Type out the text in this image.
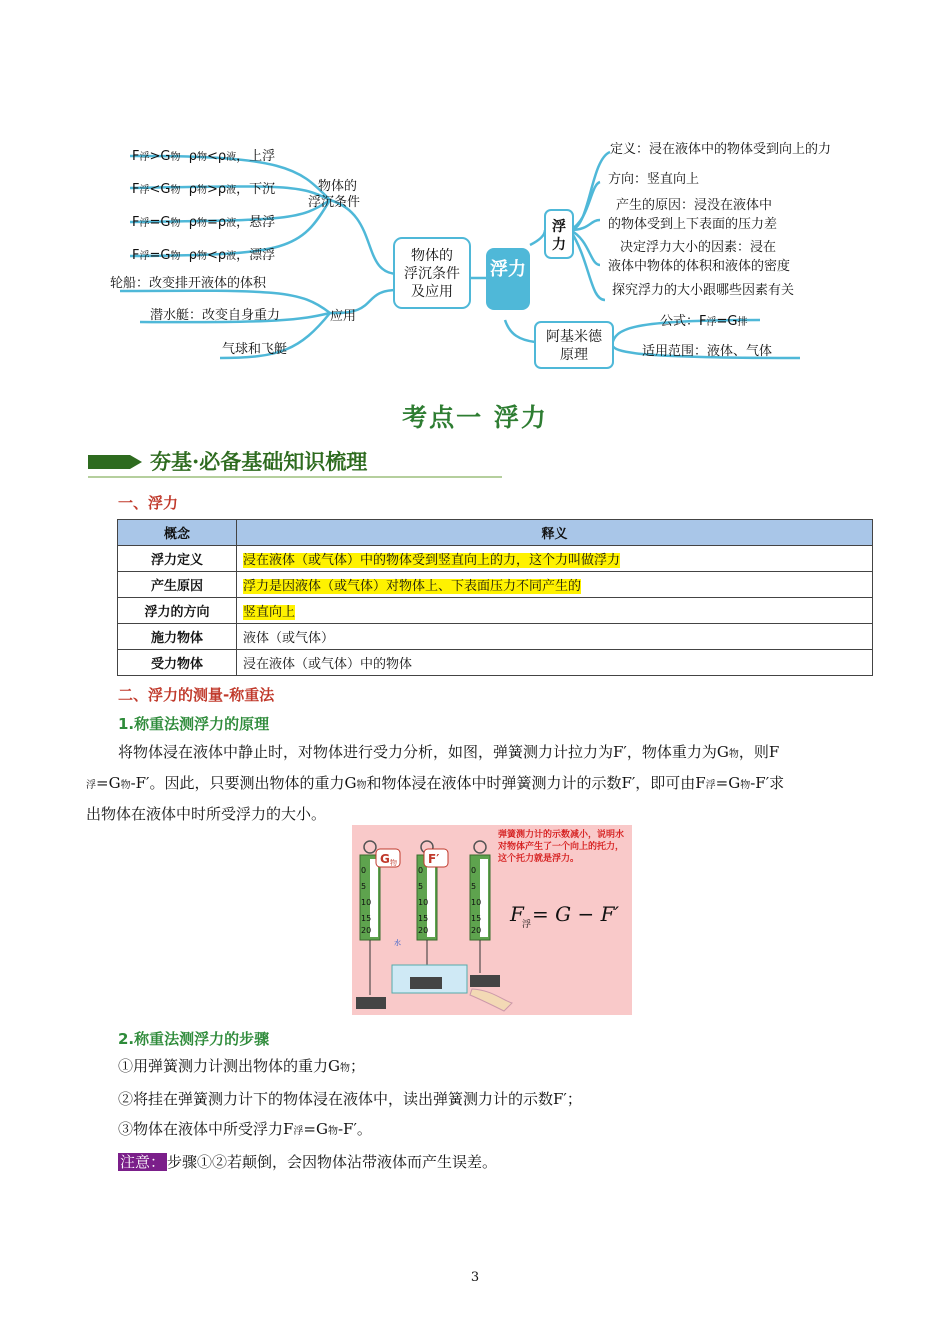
物体的
浮沉条件
及应用
浮力
浮
力
阿基米德
原理
物体的
浮沉条件
应用
F浮>G物 ρ物<ρ液，上浮
F浮<G物 ρ物>ρ液，下沉
F浮=G物 ρ物=ρ液，悬浮
F浮=G物 ρ物<ρ液，漂浮
轮船：改变排开液体的体积
潜水艇：改变自身重力
气球和飞艇
定义：浸在液体中的物体受到向上的力
方向：竖直向上
产生的原因：浸没在液体中
的物体受到上下表面的压力差
决定浮力大小的因素：浸在
液体中物体的体积和液体的密度
探究浮力的大小跟哪些因素有关
公式：F浮=G排
适用范围：液体、气体
考点一 浮力
夯基·必备基础知识梳理
一、浮力
概念	释义
浮力定义	浸在液体（或气体）中的物体受到竖直向上的力，这个力叫做浮力
产生原因	浮力是因液体（或气体）对物体上、下表面压力不同产生的
浮力的方向	竖直向上
施力物体	液体（或气体）
受力物体	浸在液体（或气体）中的物体
二、浮力的测量-称重法
1.称重法测浮力的原理
将物体浸在液体中静止时，对物体进行受力分析，如图，弹簧测力计拉力为F′，物体重力为G物，则F
浮=G物-F′。因此，只要测出物体的重力G物和物体浸在液体中时弹簧测力计的示数F′，即可由F浮=G物-F′求
出物体在液体中时所受浮力的大小。
0
5
10
15
20
0
5
10
15
20
0
5
10
15
20
G 物	F′
水
弹簧测力计的示数减小，说明水对物体产生了一个向上的托力，这个托力就是浮力。
F
浮 = G − F′
2.称重法测浮力的步骤
①用弹簧测力计测出物体的重力G物；
②将挂在弹簧测力计下的物体浸在液体中，读出弹簧测力计的示数F′；
③物体在液体中所受浮力F浮=G物-F′。
注意： 步骤①②若颠倒，会因物体沾带液体而产生误差。
3
